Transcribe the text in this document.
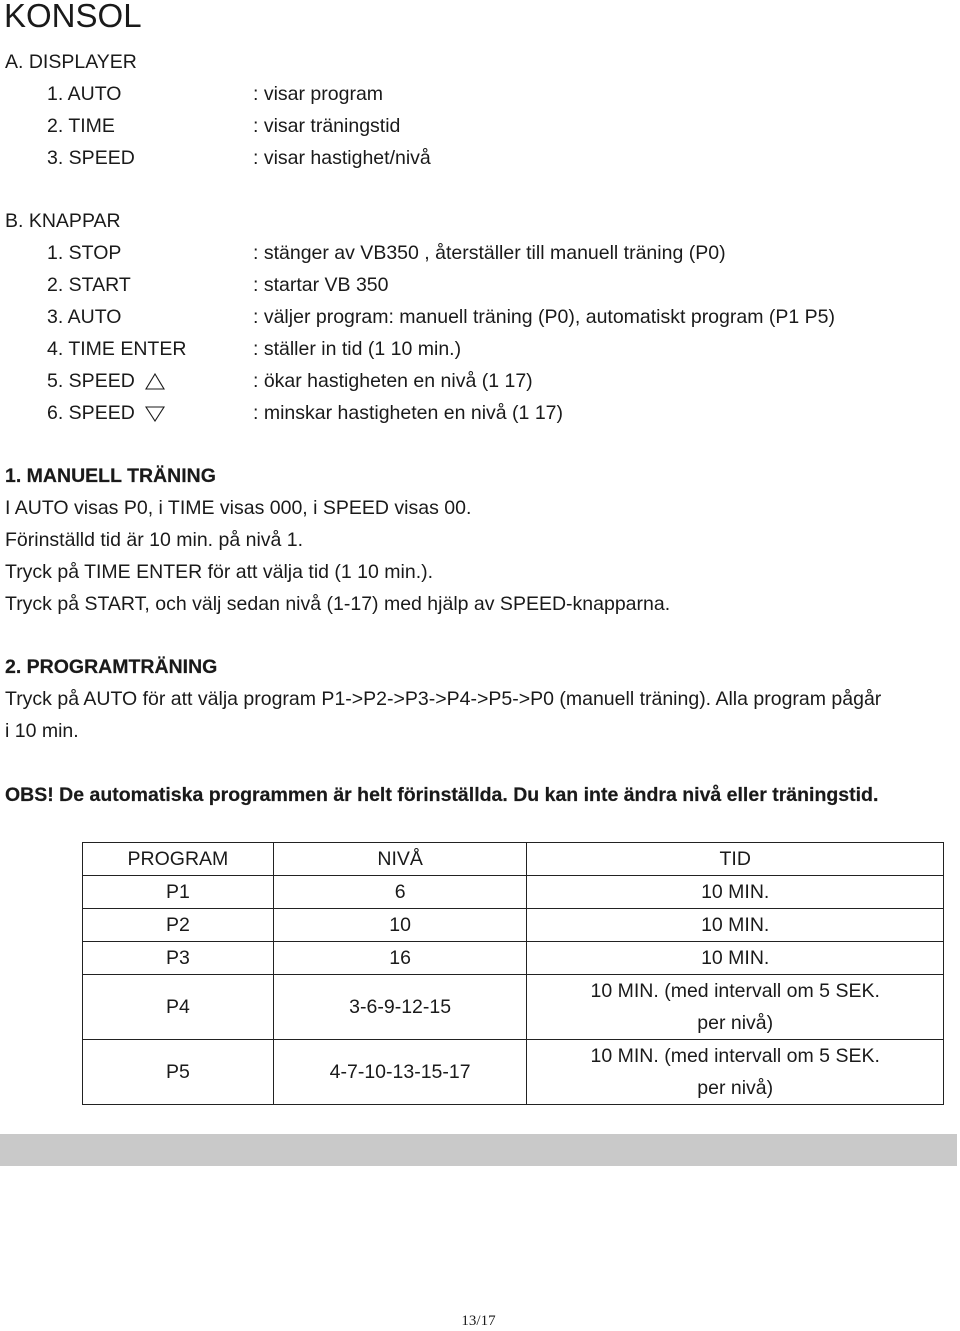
KONSOL
A. DISPLAYER
1. AUTO	: visar program
2. TIME	: visar träningstid
3. SPEED	: visar hastighet/nivå
B. KNAPPAR
1. STOP	: stänger av VB350 , återställer till manuell träning (P0)
2. START	: startar VB 350
3. AUTO	: väljer program: manuell träning (P0), automatiskt program (P1 P5)
4. TIME ENTER	: ställer in tid (1 10 min.)
5. SPEED	: ökar hastigheten en nivå (1 17)
6. SPEED	: minskar hastigheten en nivå (1 17)
1. MANUELL TRÄNING
I AUTO visas P0, i TIME visas 000, i SPEED visas 00.
Förinställd tid är 10 min. på nivå 1.
Tryck på TIME ENTER för att välja tid (1 10 min.).
Tryck på START, och välj sedan nivå (1-17) med hjälp av SPEED-knapparna.
2. PROGRAMTRÄNING
Tryck på AUTO för att välja program P1->P2->P3->P4->P5->P0 (manuell träning). Alla program pågår
i 10 min.
OBS! De automatiska programmen är helt förinställda. Du kan inte ändra nivå eller träningstid.
PROGRAM	NIVÅ	TID
P1	6	10 MIN.
P2	10	10 MIN.
P3	16	10 MIN.
P4	3-6-9-12-15	10 MIN. (med intervall om 5 SEK. per nivå)
P5	4-7-10-13-15-17	10 MIN. (med intervall om 5 SEK. per nivå)
13/17
